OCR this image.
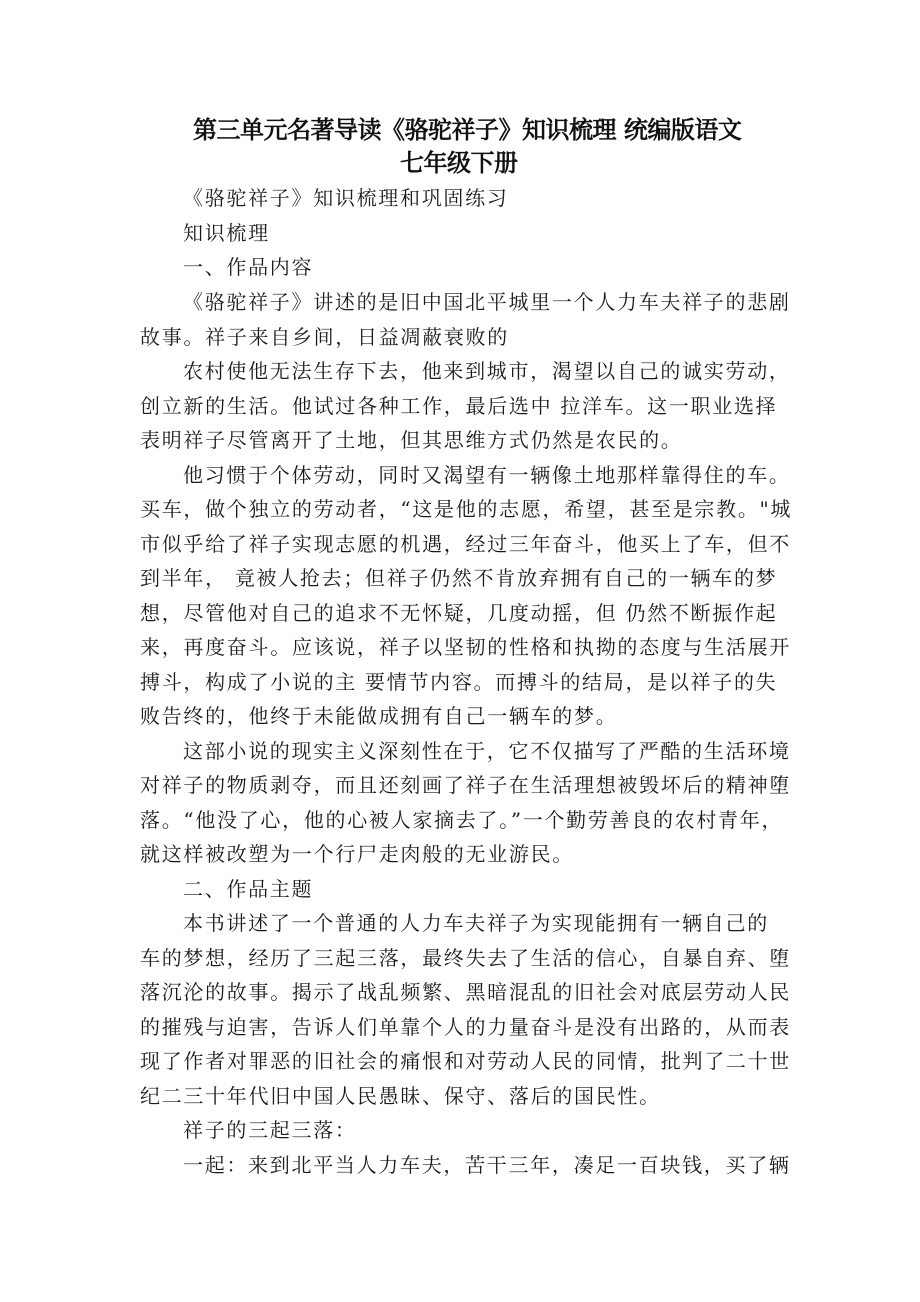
第三单元名著导读《骆驼祥子》知识梳理 统编版语文
七年级下册
《骆驼祥子》知识梳理和巩固练习
知识梳理
一、作品内容
《骆驼祥子》讲述的是旧中国北平城里一个人力车夫祥子的悲剧
故事。祥子来自乡间，日益凋蔽衰败的
农村使他无法生存下去，他来到城市，渴望以自己的诚实劳动，
创立新的生活。他试过各种工作，最后选中 拉洋车。这一职业选择
表明祥子尽管离开了土地，但其思维方式仍然是农民的。
他习惯于个体劳动，同时又渴望有一辆像土地那样靠得住的车。
买车，做个独立的劳动者，“这是他的志愿，希望，甚至是宗教。"城
市似乎给了祥子实现志愿的机遇，经过三年奋斗，他买上了车，但不
到半年， 竟被人抢去；但祥子仍然不肯放弃拥有自己的一辆车的梦
想，尽管他对自己的追求不无怀疑，几度动摇，但 仍然不断振作起
来，再度奋斗。应该说，祥子以坚韧的性格和执拗的态度与生活展开
搏斗，构成了小说的主 要情节内容。而搏斗的结局，是以祥子的失
败告终的，他终于未能做成拥有自己一辆车的梦。
这部小说的现实主义深刻性在于，它不仅描写了严酷的生活环境
对祥子的物质剥夺，而且还刻画了祥子在生活理想被毁坏后的精神堕
落。“他没了心，他的心被人家摘去了。”一个勤劳善良的农村青年，
就这样被改塑为一个行尸走肉般的无业游民。
二、作品主题
本书讲述了一个普通的人力车夫祥子为实现能拥有一辆自己的
车的梦想，经历了三起三落，最终失去了生活的信心，自暴自弃、堕
落沉沦的故事。揭示了战乱频繁、黑暗混乱的旧社会对底层劳动人民
的摧残与迫害，告诉人们单靠个人的力量奋斗是没有出路的，从而表
现了作者对罪恶的旧社会的痛恨和对劳动人民的同情，批判了二十世
纪二三十年代旧中国人民愚昧、保守、落后的国民性。
祥子的三起三落：
一起：来到北平当人力车夫，苦干三年，凑足一百块钱，买了辆
